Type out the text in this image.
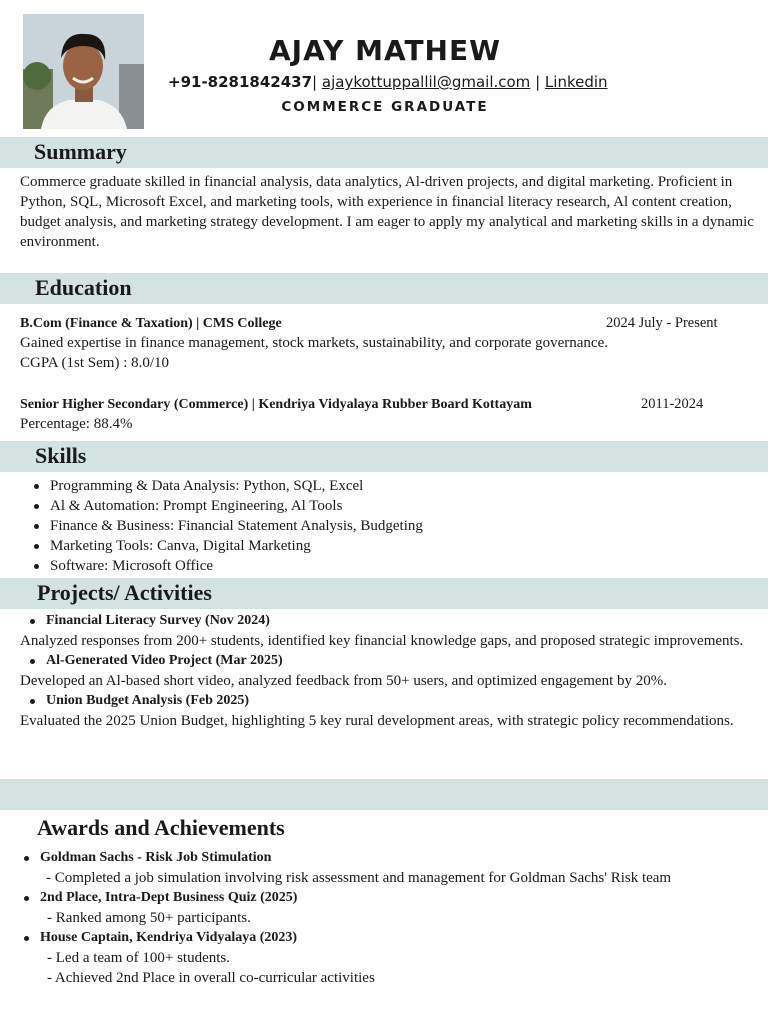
AJAY MATHEW
+91-8281842437| ajaykottuppallil@gmail.com | Linkedin
COMMERCE GRADUATE
Summary

Commerce graduate skilled in financial analysis, data analytics, Al-driven projects, and digital marketing. Proficient in Python, SQL, Microsoft Excel, and marketing tools, with experience in financial literacy research, Al content creation, budget analysis, and marketing strategy development. I am eager to apply my analytical and marketing skills in a dynamic environment.

Education
B.Com (Finance & Taxation) | CMS College	2024 July - Present

Gained expertise in finance management, stock markets, sustainability, and corporate governance.

CGPA (1st Sem) : 8.0/10

Senior Higher Secondary (Commerce) | Kendriya Vidyalaya Rubber Board Kottayam	2011-2024

Percentage: 88.4%

Skills
Programming & Data Analysis: Python, SQL, Excel
Al & Automation: Prompt Engineering, Al Tools
Finance & Business: Financial Statement Analysis, Budgeting
Marketing Tools: Canva, Digital Marketing
Software: Microsoft Office
Projects/ Activities
Financial Literacy Survey (Nov 2024)

Analyzed responses from 200+ students, identified key financial knowledge gaps, and proposed strategic improvements.

Al-Generated Video Project (Mar 2025)

Developed an Al-based short video, analyzed feedback from 50+ users, and optimized engagement by 20%.

Union Budget Analysis (Feb 2025)

Evaluated the 2025 Union Budget, highlighting 5 key rural development areas, with strategic policy recommendations.

Awards and Achievements
Goldman Sachs - Risk Job Stimulation
- Completed a job simulation involving risk assessment and management for Goldman Sachs' Risk team
2nd Place, Intra-Dept Business Quiz (2025)
- Ranked among 50+ participants.
House Captain, Kendriya Vidyalaya (2023)
- Led a team of 100+ students.
- Achieved 2nd Place in overall co-curricular activities
